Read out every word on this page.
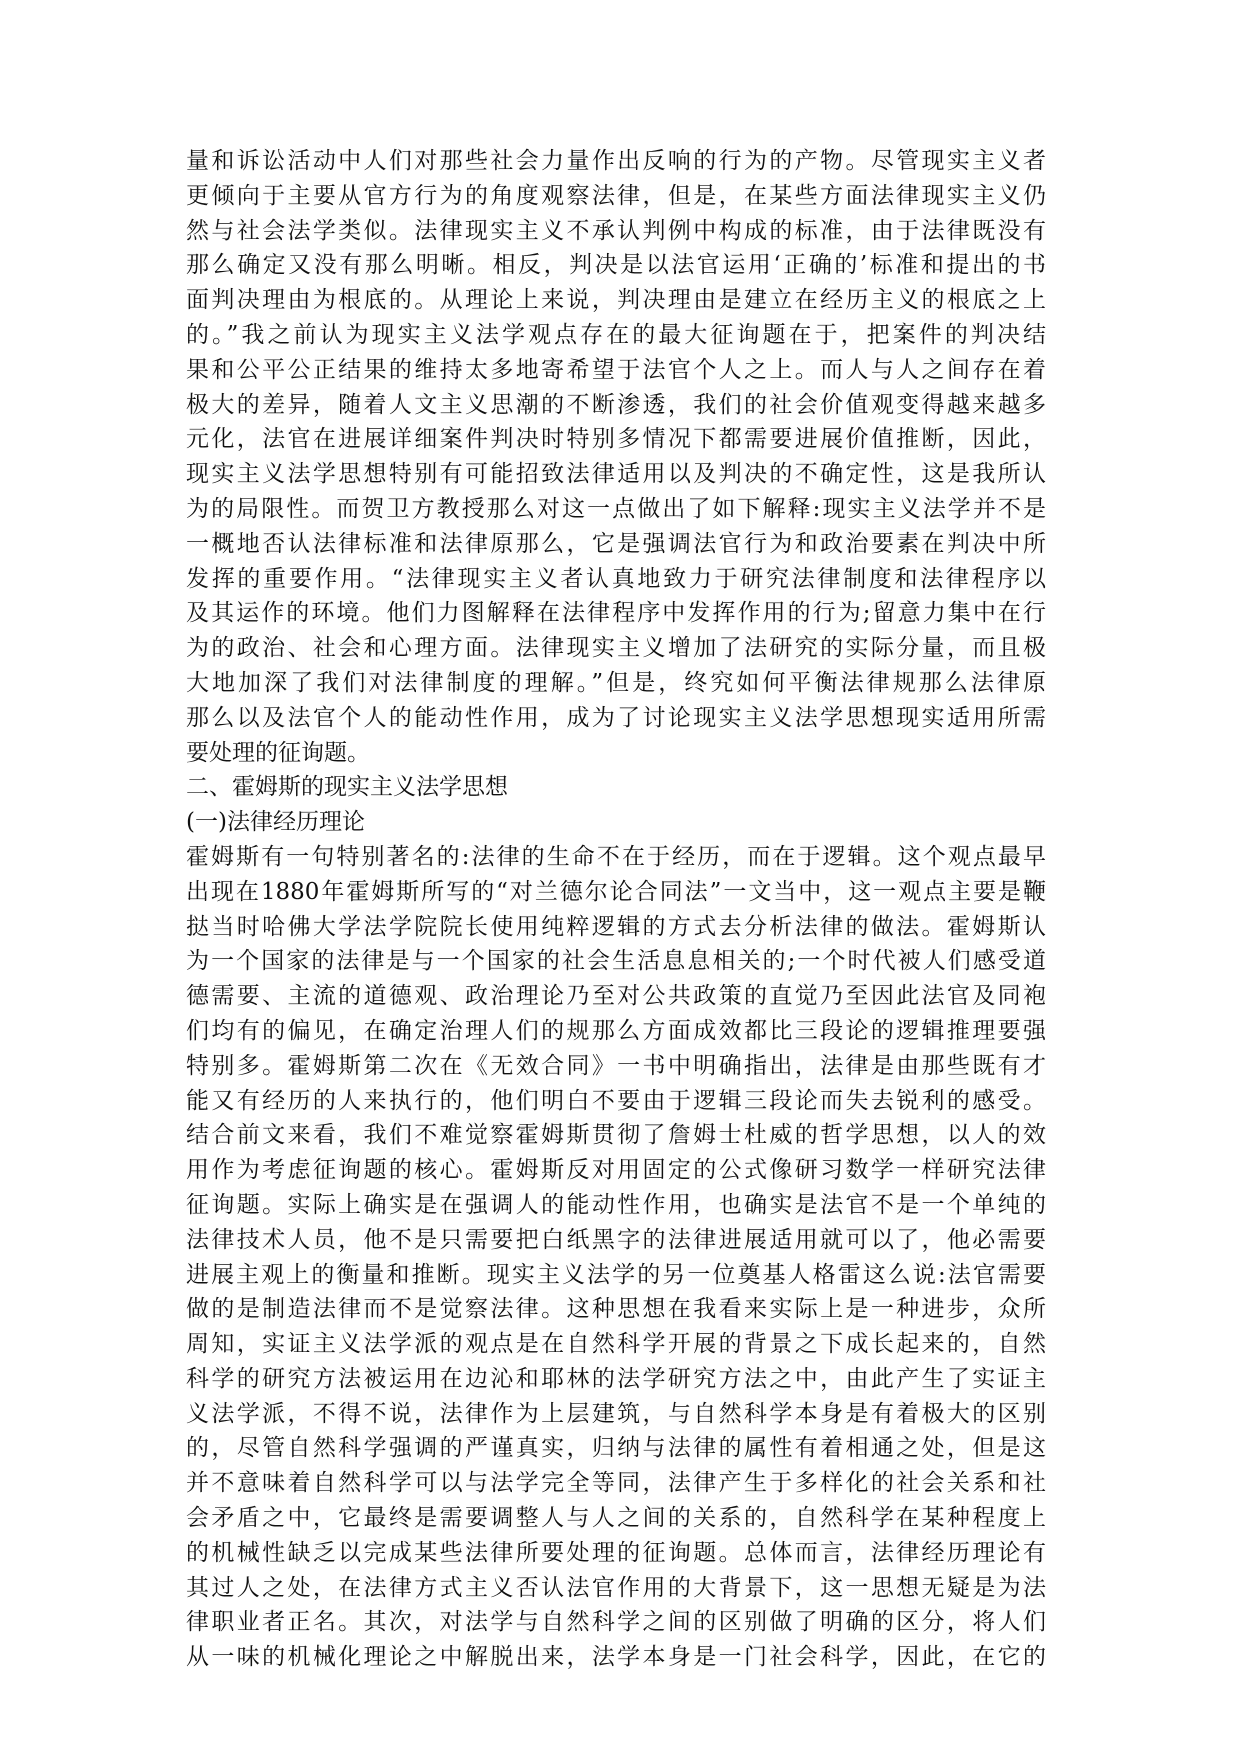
量和诉讼活动中人们对那些社会力量作出反响的行为的产物。尽管现实主义者
更倾向于主要从官方行为的角度观察法律，但是，在某些方面法律现实主义仍
然与社会法学类似。法律现实主义不承认判例中构成的标准，由于法律既没有
那么确定又没有那么明晰。相反，判决是以法官运用‘正确的’标准和提出的书
面判决理由为根底的。从理论上来说，判决理由是建立在经历主义的根底之上
的。”我之前认为现实主义法学观点存在的最大征询题在于，把案件的判决结
果和公平公正结果的维持太多地寄希望于法官个人之上。而人与人之间存在着
极大的差异，随着人文主义思潮的不断渗透，我们的社会价值观变得越来越多
元化，法官在进展详细案件判决时特别多情况下都需要进展价值推断，因此，
现实主义法学思想特别有可能招致法律适用以及判决的不确定性，这是我所认
为的局限性。而贺卫方教授那么对这一点做出了如下解释:现实主义法学并不是
一概地否认法律标准和法律原那么，它是强调法官行为和政治要素在判决中所
发挥的重要作用。“法律现实主义者认真地致力于研究法律制度和法律程序以
及其运作的环境。他们力图解释在法律程序中发挥作用的行为;留意力集中在行
为的政治、社会和心理方面。法律现实主义增加了法研究的实际分量，而且极
大地加深了我们对法律制度的理解。”但是，终究如何平衡法律规那么法律原
那么以及法官个人的能动性作用，成为了讨论现实主义法学思想现实适用所需
要处理的征询题。
二、霍姆斯的现实主义法学思想
(一)法律经历理论
霍姆斯有一句特别著名的:法律的生命不在于经历，而在于逻辑。这个观点最早
出现在1880年霍姆斯所写的“对兰德尔论合同法”一文当中，这一观点主要是鞭
挞当时哈佛大学法学院院长使用纯粹逻辑的方式去分析法律的做法。霍姆斯认
为一个国家的法律是与一个国家的社会生活息息相关的;一个时代被人们感受道
德需要、主流的道德观、政治理论乃至对公共政策的直觉乃至因此法官及同袍
们均有的偏见，在确定治理人们的规那么方面成效都比三段论的逻辑推理要强
特别多。霍姆斯第二次在《无效合同》一书中明确指出，法律是由那些既有才
能又有经历的人来执行的，他们明白不要由于逻辑三段论而失去锐利的感受。
结合前文来看，我们不难觉察霍姆斯贯彻了詹姆士杜威的哲学思想，以人的效
用作为考虑征询题的核心。霍姆斯反对用固定的公式像研习数学一样研究法律
征询题。实际上确实是在强调人的能动性作用，也确实是法官不是一个单纯的
法律技术人员，他不是只需要把白纸黑字的法律进展适用就可以了，他必需要
进展主观上的衡量和推断。现实主义法学的另一位奠基人格雷这么说:法官需要
做的是制造法律而不是觉察法律。这种思想在我看来实际上是一种进步，众所
周知，实证主义法学派的观点是在自然科学开展的背景之下成长起来的，自然
科学的研究方法被运用在边沁和耶林的法学研究方法之中，由此产生了实证主
义法学派，不得不说，法律作为上层建筑，与自然科学本身是有着极大的区别
的，尽管自然科学强调的严谨真实，归纳与法律的属性有着相通之处，但是这
并不意味着自然科学可以与法学完全等同，法律产生于多样化的社会关系和社
会矛盾之中，它最终是需要调整人与人之间的关系的，自然科学在某种程度上
的机械性缺乏以完成某些法律所要处理的征询题。总体而言，法律经历理论有
其过人之处，在法律方式主义否认法官作用的大背景下，这一思想无疑是为法
律职业者正名。其次，对法学与自然科学之间的区别做了明确的区分，将人们
从一味的机械化理论之中解脱出来，法学本身是一门社会科学，因此，在它的
